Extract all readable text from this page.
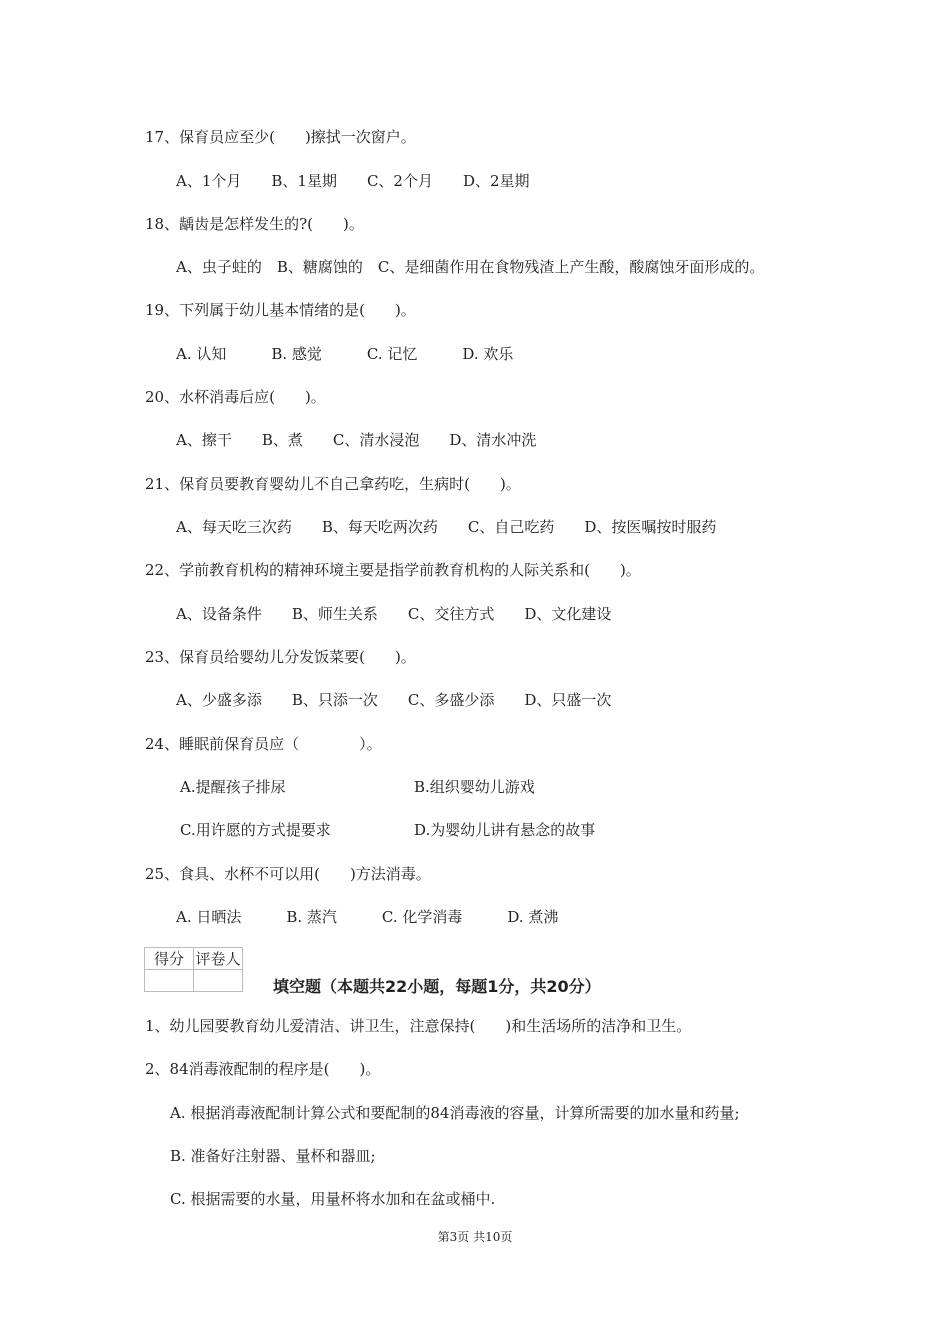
17、保育员应至少(　　)擦拭一次窗户。
A、1个月　　B、1星期　　C、2个月　　D、2星期
18、龋齿是怎样发生的?(　　)。
A、虫子蛀的　B、糖腐蚀的　C、是细菌作用在食物残渣上产生酸，酸腐蚀牙面形成的。
19、下列属于幼儿基本情绪的是(　　)。
A. 认知　　　B. 感觉　　　C. 记忆　　　D. 欢乐
20、水杯消毒后应(　　)。
A、擦干　　B、煮　　C、清水浸泡　　D、清水冲洗
21、保育员要教育婴幼儿不自己拿药吃，生病时(　　)。
A、每天吃三次药　　B、每天吃两次药　　C、自己吃药　　D、按医嘱按时服药
22、学前教育机构的精神环境主要是指学前教育机构的人际关系和(　　)。
A、设备条件　　B、师生关系　　C、交往方式　　D、文化建设
23、保育员给婴幼儿分发饭菜要(　　)。
A、少盛多添　　B、只添一次　　C、多盛少添　　D、只盛一次
24、睡眠前保育员应（　　　　）。
A.提醒孩子排尿	B.组织婴幼儿游戏
C.用许愿的方式提要求	D.为婴幼儿讲有悬念的故事
25、食具、水杯不可以用(　　)方法消毒。
A. 日晒法　　　B. 蒸汽　　　C. 化学消毒　　　D. 煮沸
得分	评卷人

填空题（本题共22小题，每题1分，共20分）
1、幼儿园要教育幼儿爱清洁、讲卫生，注意保持(　　)和生活场所的洁净和卫生。
2、84消毒液配制的程序是(　　)。
A. 根据消毒液配制计算公式和要配制的84消毒液的容量，计算所需要的加水量和药量;
B. 准备好注射器、量杯和器皿;
C. 根据需要的水量，用量杯将水加和在盆或桶中.
第3页 共10页
